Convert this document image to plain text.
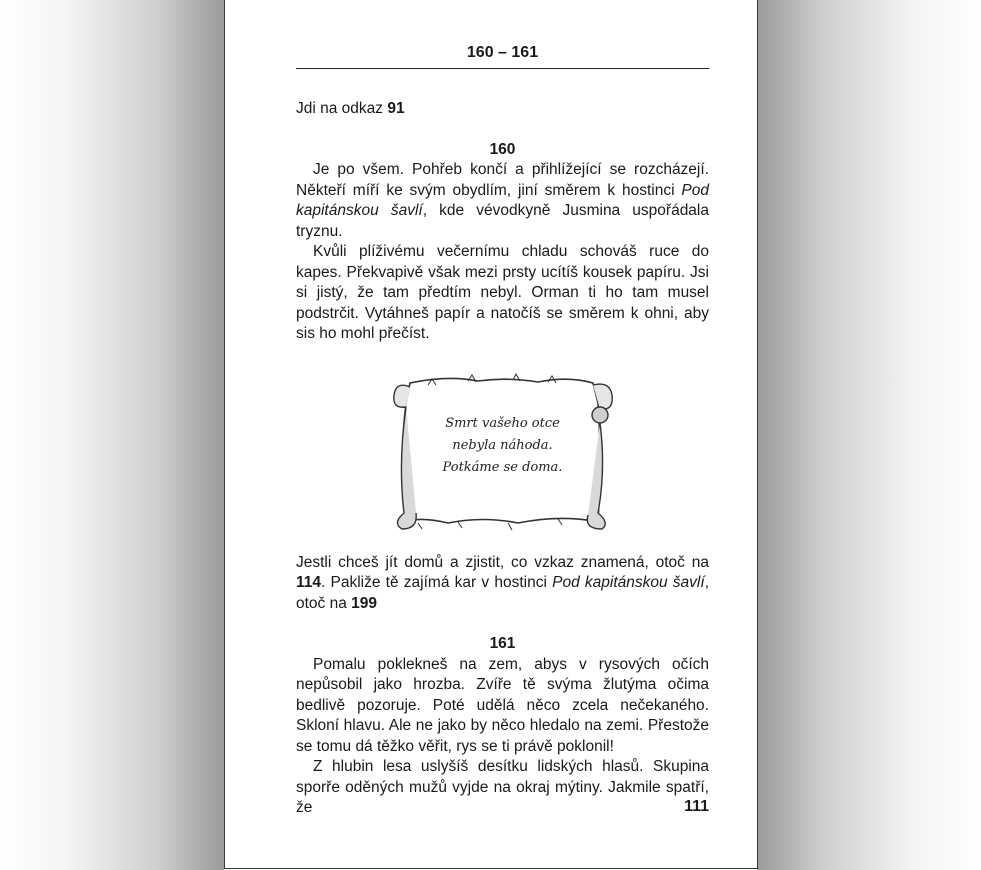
160 – 161

Jdi na odkaz 91

160

Je po všem. Pohřeb končí a přihlížející se rozcházejí. Někteří míří ke svým obydlím, jiní směrem k hostinci Pod kapitánskou šavlí, kde vévodkyně Jusmina uspořádala tryznu.

Kvůli plíživému večernímu chladu schováš ruce do kapes. Překvapivě však mezi prsty ucítíš kousek papíru. Jsi si jistý, že tam předtím nebyl. Orman ti ho tam musel podstrčit. Vytáhneš papír a natočíš se směrem k ohni, aby sis ho mohl přečíst.

Smrt vašeho otce
nebyla náhoda.
Potkáme se doma.

Jestli chceš jít domů a zjistit, co vzkaz znamená, otoč na 114. Pakliže tě zajímá kar v hostinci Pod kapitánskou šavlí, otoč na 199

161

Pomalu poklekneš na zem, abys v rysových očích nepůsobil jako hrozba. Zvíře tě svýma žlutýma očima bedlivě pozoruje. Poté udělá něco zcela nečekaného. Skloní hlavu. Ale ne jako by něco hledalo na zemi. Přestože se tomu dá těžko věřit, rys se ti právě poklonil!

Z hlubin lesa uslyšíš desítku lidských hlasů. Skupina sporře oděných mužů vyjde na okraj mýtiny. Jakmile spatří, že	111
